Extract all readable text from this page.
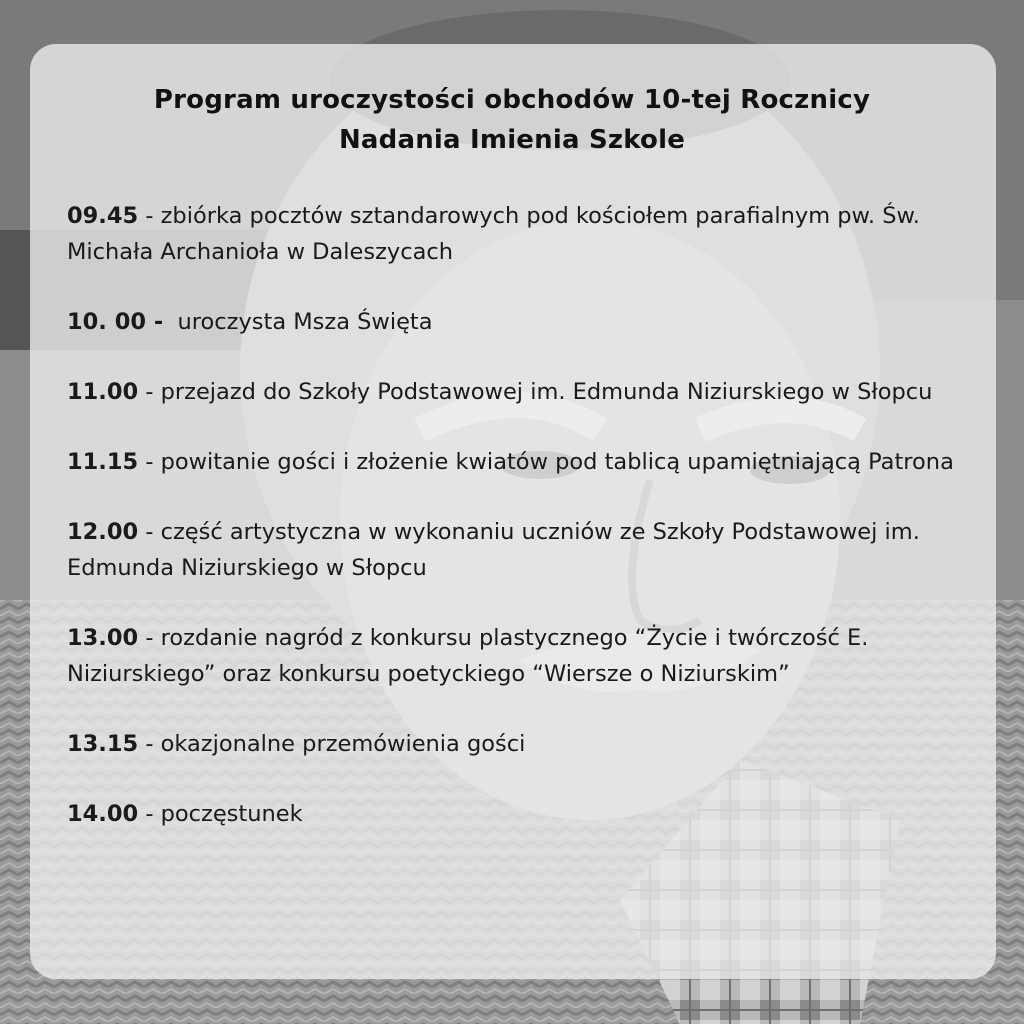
Program uroczystości obchodów 10-tej Rocznicy
Nadania Imienia Szkole
09.45 - zbiórka pocztów sztandarowych pod kościołem parafialnym pw. Św. Michała Archanioła w Daleszycach
10. 00 - uroczysta Msza Święta
11.00 - przejazd do Szkoły Podstawowej im. Edmunda Niziurskiego w Słopcu
11.15 - powitanie gości i złożenie kwiatów pod tablicą upamiętniającą Patrona
12.00 - część artystyczna w wykonaniu uczniów ze Szkoły Podstawowej im. Edmunda Niziurskiego w Słopcu
13.00 - rozdanie nagród z konkursu plastycznego “Życie i twórczość E. Niziurskiego” oraz konkursu poetyckiego “Wiersze o Niziurskim”
13.15 - okazjonalne przemówienia gości
14.00 - poczęstunek
